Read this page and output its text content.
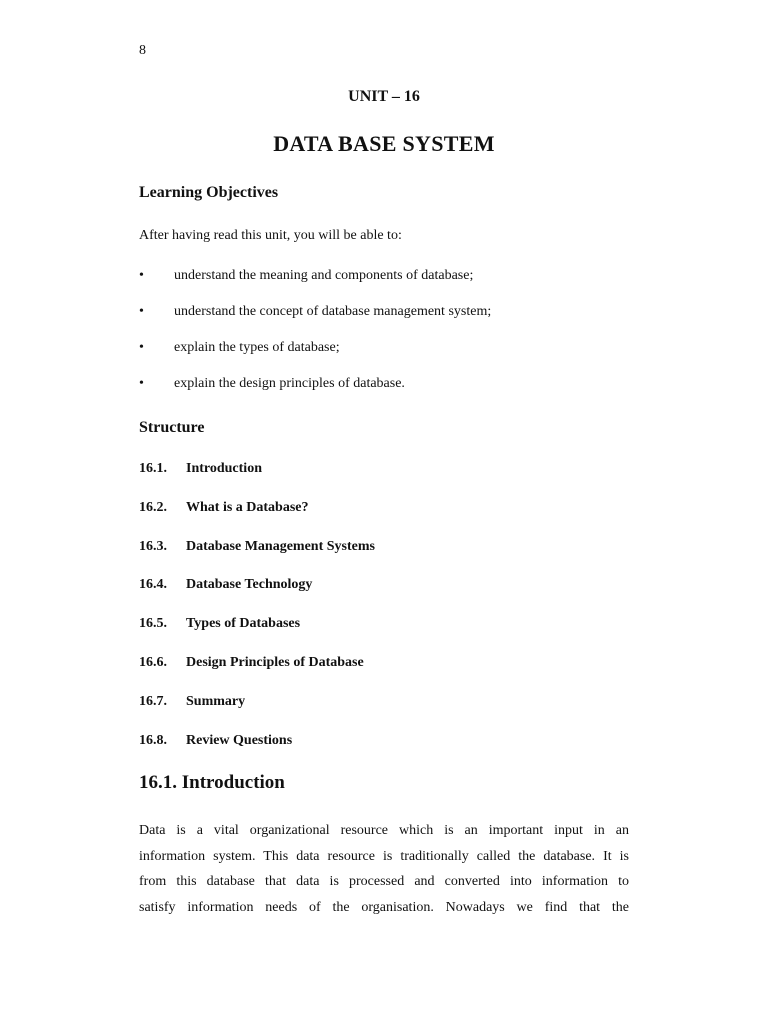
8
UNIT – 16
DATA BASE SYSTEM
Learning Objectives
After having read this unit, you will be able to:
•	understand the meaning and components of database;
•	understand the concept of database management system;
•	explain the types of database;
•	explain the design principles of database.
Structure
16.1.	Introduction
16.2.	What is a Database?
16.3.	Database Management Systems
16.4.	Database Technology
16.5.	Types of Databases
16.6.	Design Principles of Database
16.7.	Summary
16.8.	Review Questions
16.1. Introduction
Data is a vital organizational resource which is an important input in an
information system. This data resource is traditionally called the database. It is
from this database that data is processed and converted into information to
satisfy information needs of the organisation. Nowadays we find that the
